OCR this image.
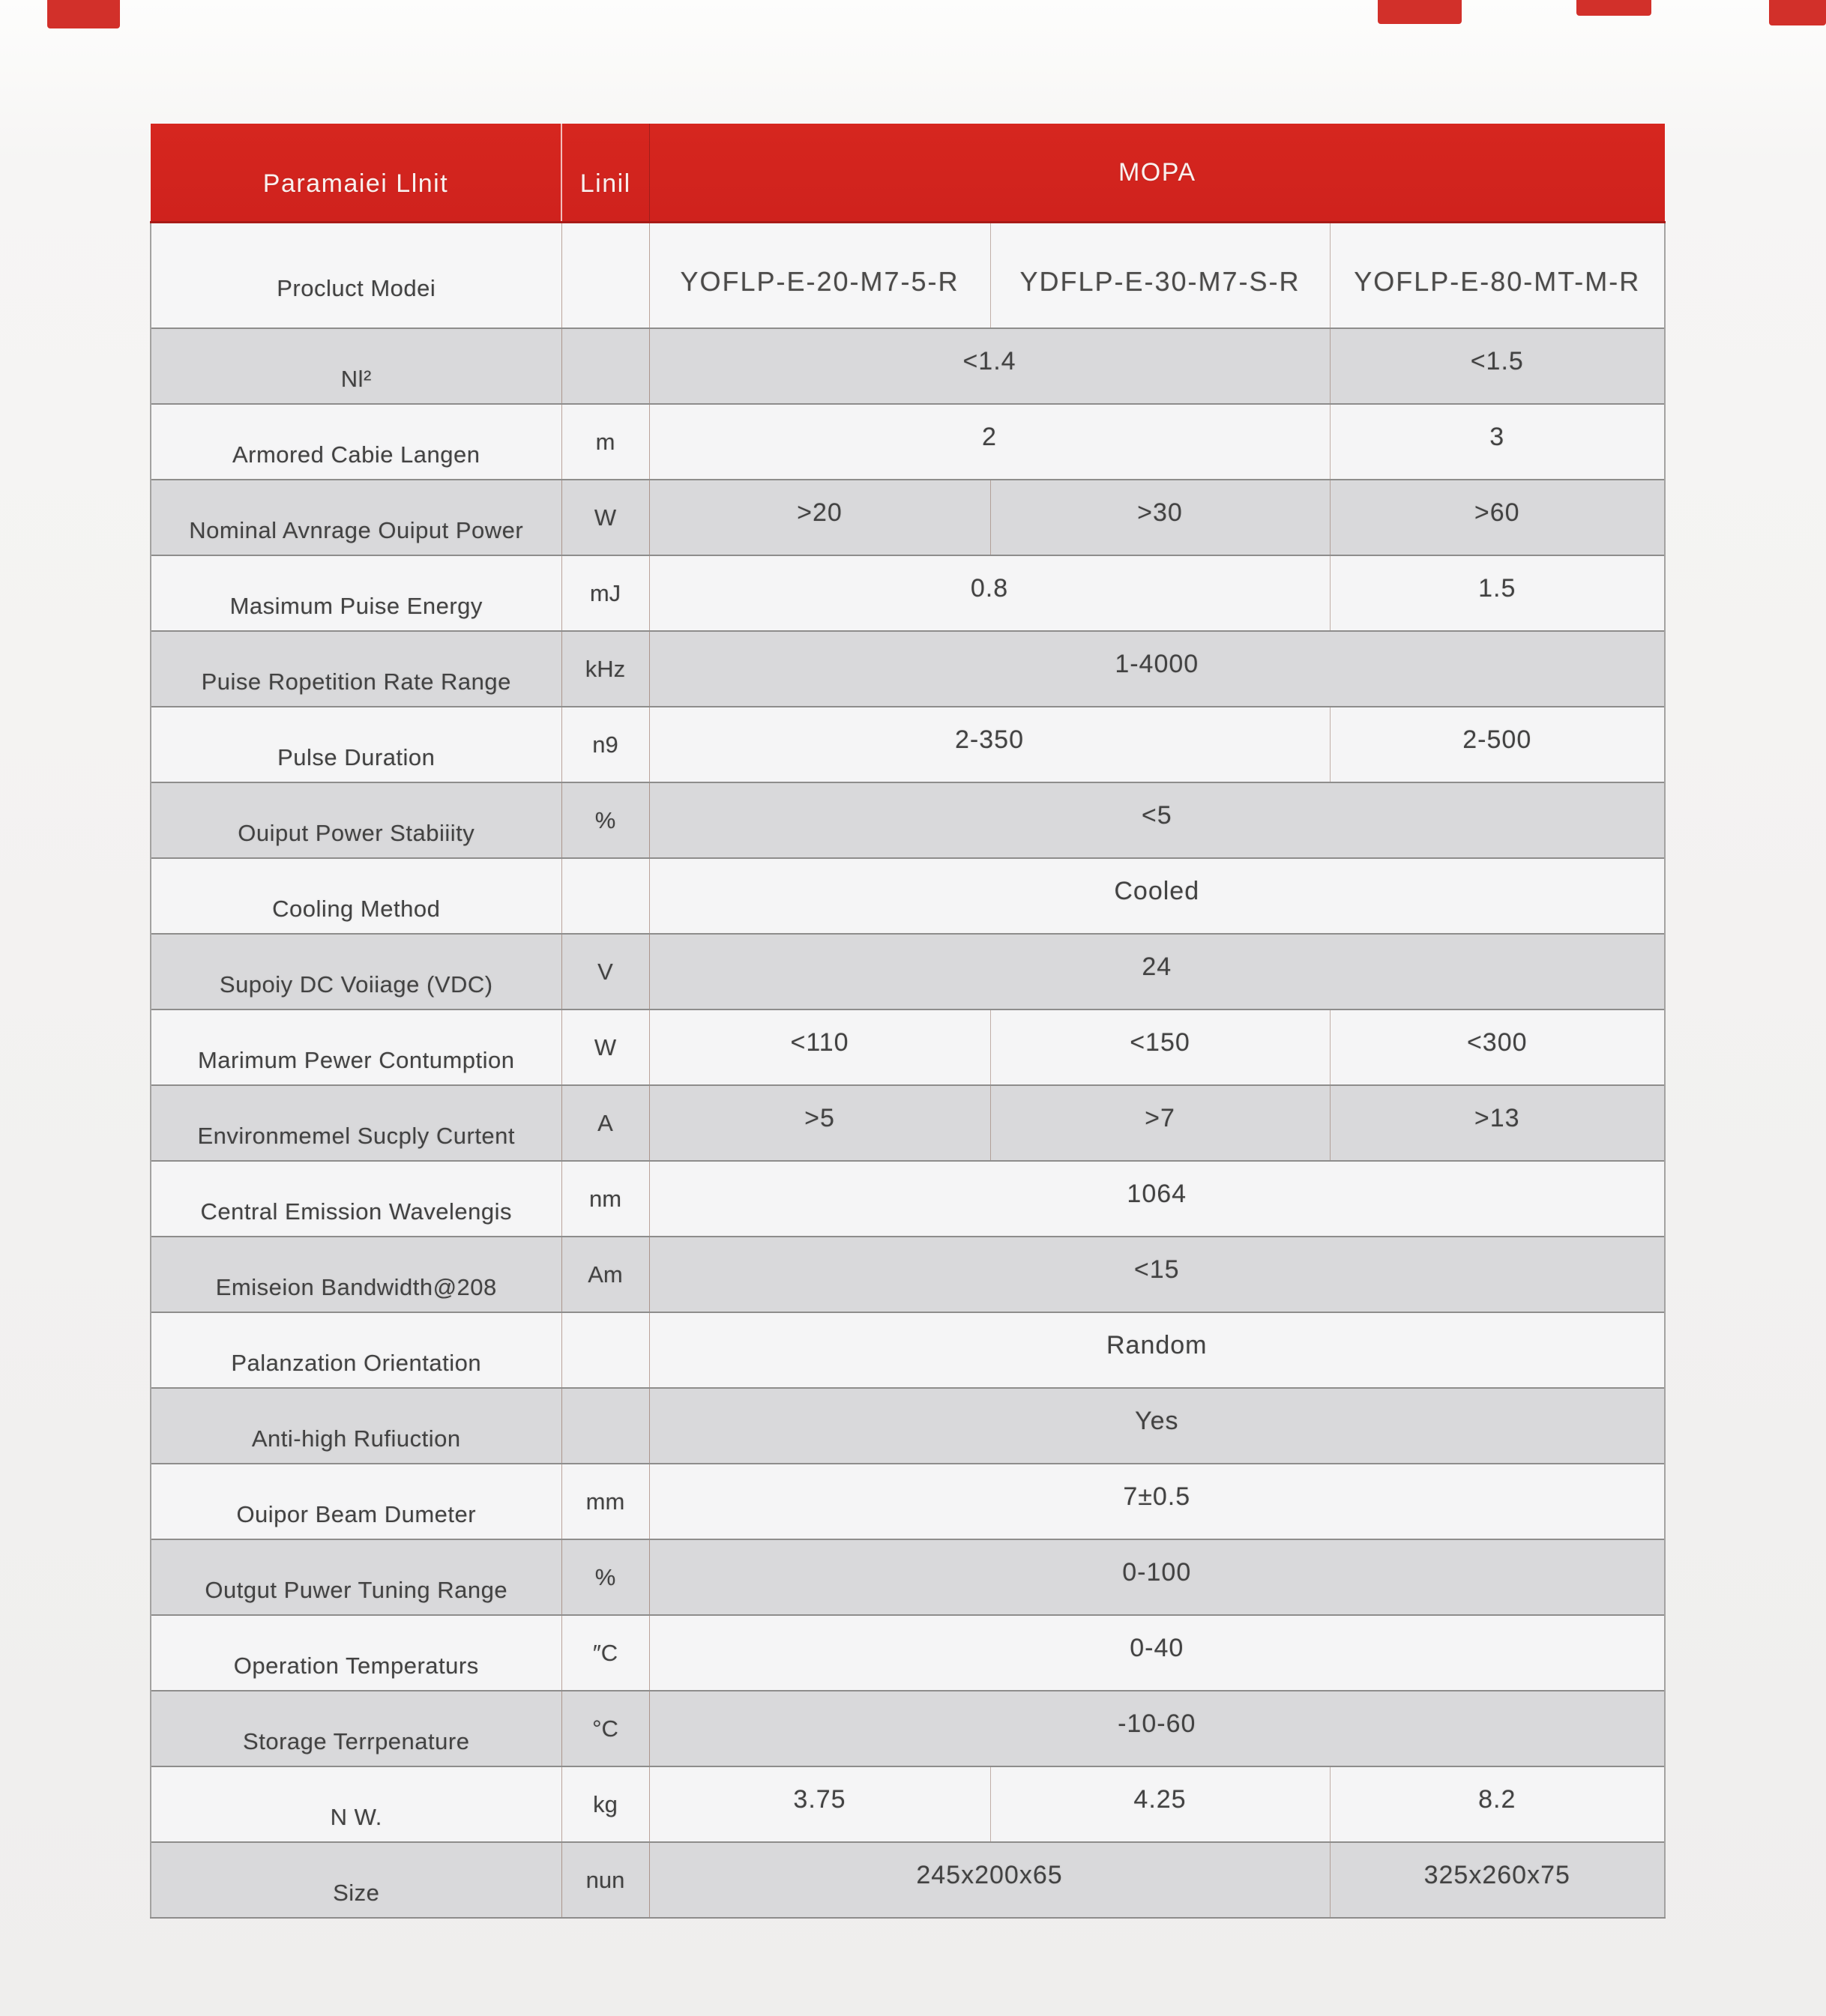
Paramaiei Llnit	Linil	MOPA		
Procluct Modei		YOFLP-E-20-M7-5-R	YDFLP-E-30-M7-S-R	YOFLP-E-80-MT-M-R
Nl²		<1.4		<1.5
Armored Cabie Langen	m	2		3
Nominal Avnrage Ouiput Power	W	>20	>30	>60
Masimum Puise Energy	mJ	0.8		1.5
Puise Ropetition Rate Range	kHz	1-4000		
Pulse Duration	n9	2-350		2-500
Ouiput Power Stabiiity	%	<5		
Cooling Method		Cooled		
Supoiy DC Voiiage (VDC)	V	24		
Marimum Pewer Contumption	W	<110	<150	<300
Environmemel Sucply Curtent	A	>5	>7	>13
Central Emission Wavelengis	nm	1064		
Emiseion Bandwidth@208	Am	<15		
Palanzation Orientation		Random		
Anti-high Rufiuction		Yes		
Ouipor Beam Dumeter	mm	7±0.5		
Outgut Puwer Tuning Range	%	0-100		
Operation Temperaturs	″C	0-40		
Storage Terrpenature	°C	-10-60		
N W.	kg	3.75	4.25	8.2
Size	nun	245x200x65		325x260x75
